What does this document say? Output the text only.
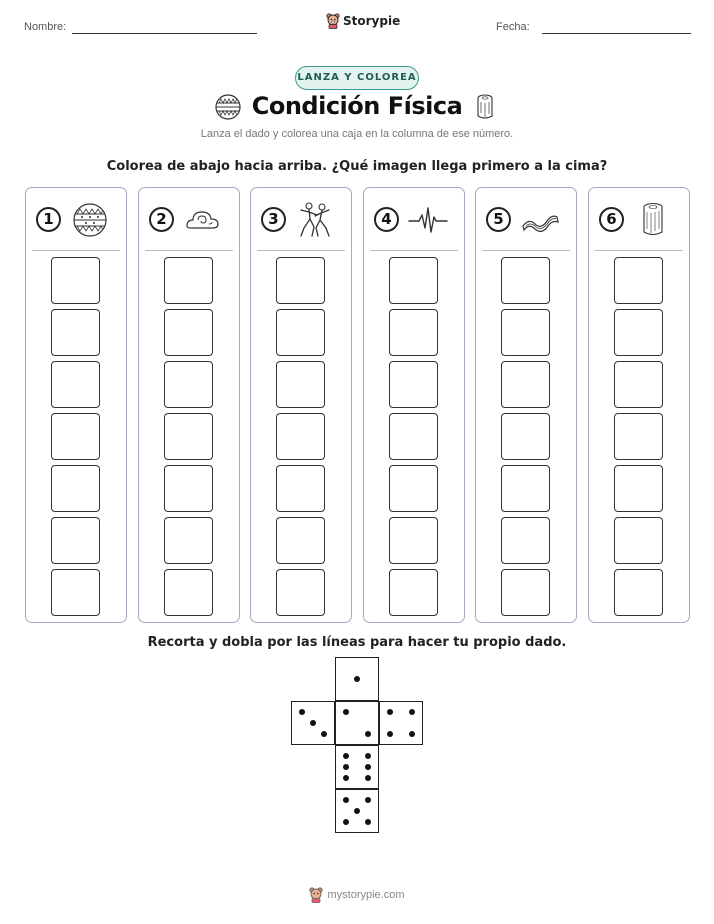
Nombre:	Storypie	Fecha:
LANZA Y COLOREA
Condición Física
Lanza el dado y colorea una caja en la columna de ese número.
Colorea de abajo hacia arriba. ¿Qué imagen llega primero a la cima?
1	2	3	4	5	6
Recorta y dobla por las líneas para hacer tu propio dado.
mystorypie.com
